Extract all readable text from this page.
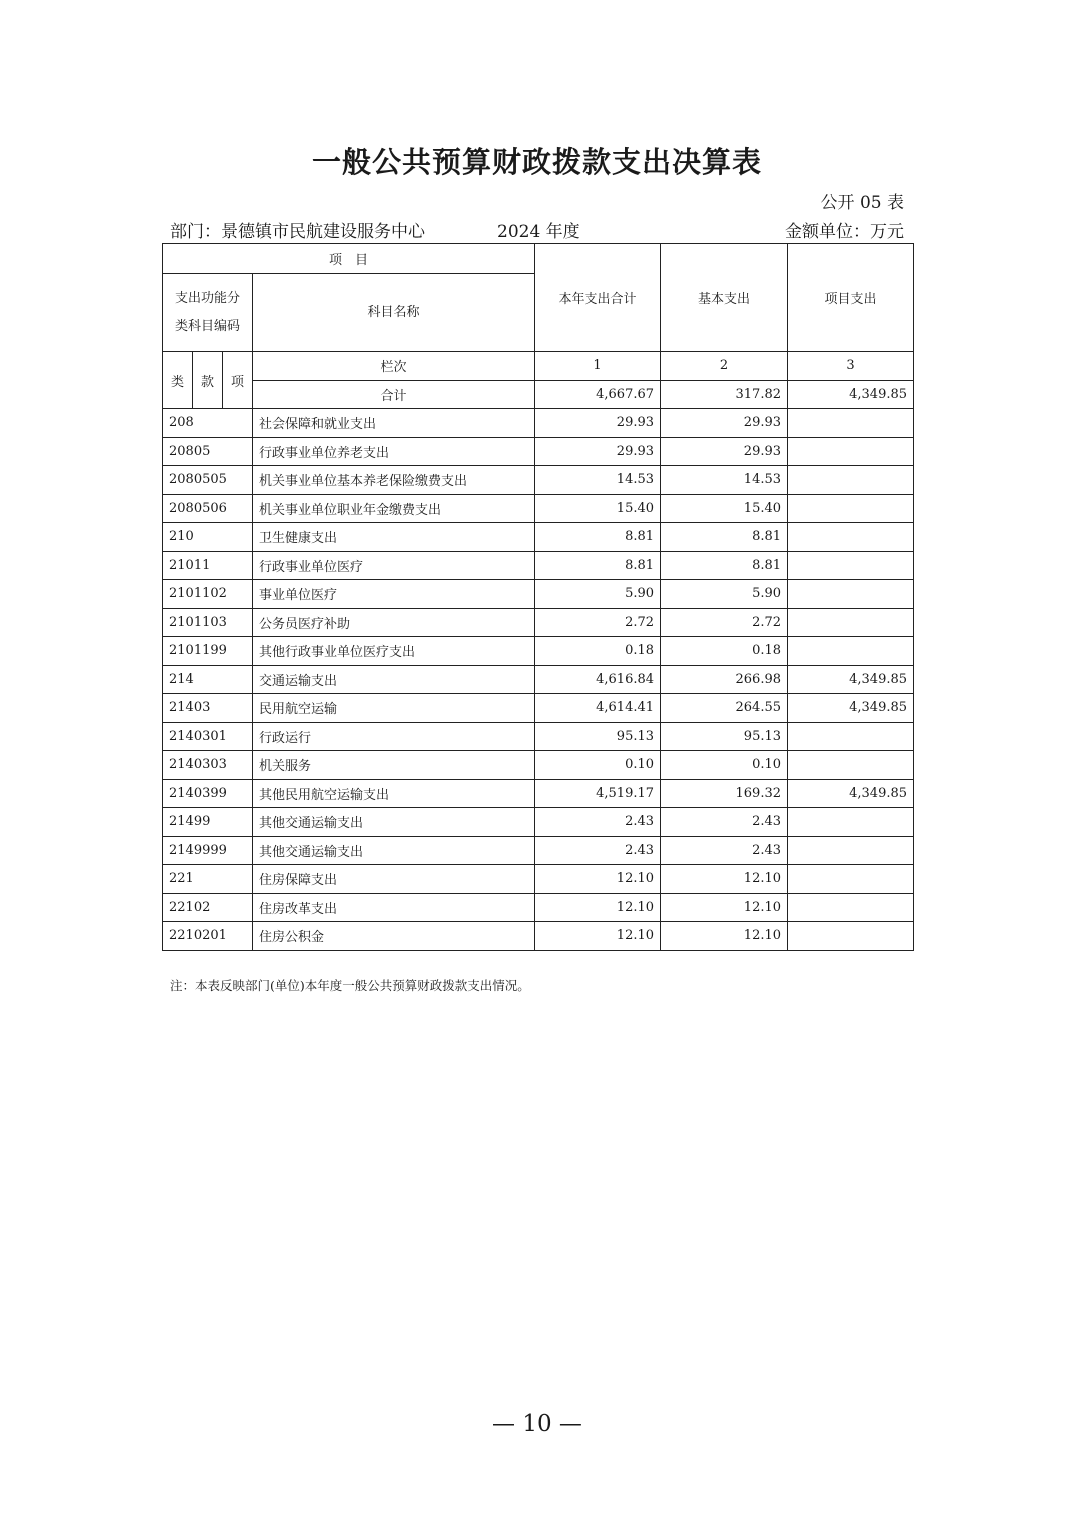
一般公共预算财政拨款支出决算表
公开 05 表
部门：景德镇市民航建设服务中心	2024 年度	金额单位：万元
项　目				本年支出合计	基本支出	项目支出
支出功能分类科目编码			科目名称			
类	款	项	栏次	1	2	3
			合计	4,667.67	317.82	4,349.85
208			社会保障和就业支出	29.93	29.93	
20805			行政事业单位养老支出	29.93	29.93	
2080505			机关事业单位基本养老保险缴费支出	14.53	14.53	
2080506			机关事业单位职业年金缴费支出	15.40	15.40	
210			卫生健康支出	8.81	8.81	
21011			行政事业单位医疗	8.81	8.81	
2101102			事业单位医疗	5.90	5.90	
2101103			公务员医疗补助	2.72	2.72	
2101199			其他行政事业单位医疗支出	0.18	0.18	
214			交通运输支出	4,616.84	266.98	4,349.85
21403			民用航空运输	4,614.41	264.55	4,349.85
2140301			行政运行	95.13	95.13	
2140303			机关服务	0.10	0.10	
2140399			其他民用航空运输支出	4,519.17	169.32	4,349.85
21499			其他交通运输支出	2.43	2.43	
2149999			其他交通运输支出	2.43	2.43	
221			住房保障支出	12.10	12.10	
22102			住房改革支出	12.10	12.10	
2210201			住房公积金	12.10	12.10	
注：本表反映部门(单位)本年度一般公共预算财政拨款支出情况。
— 10 —
